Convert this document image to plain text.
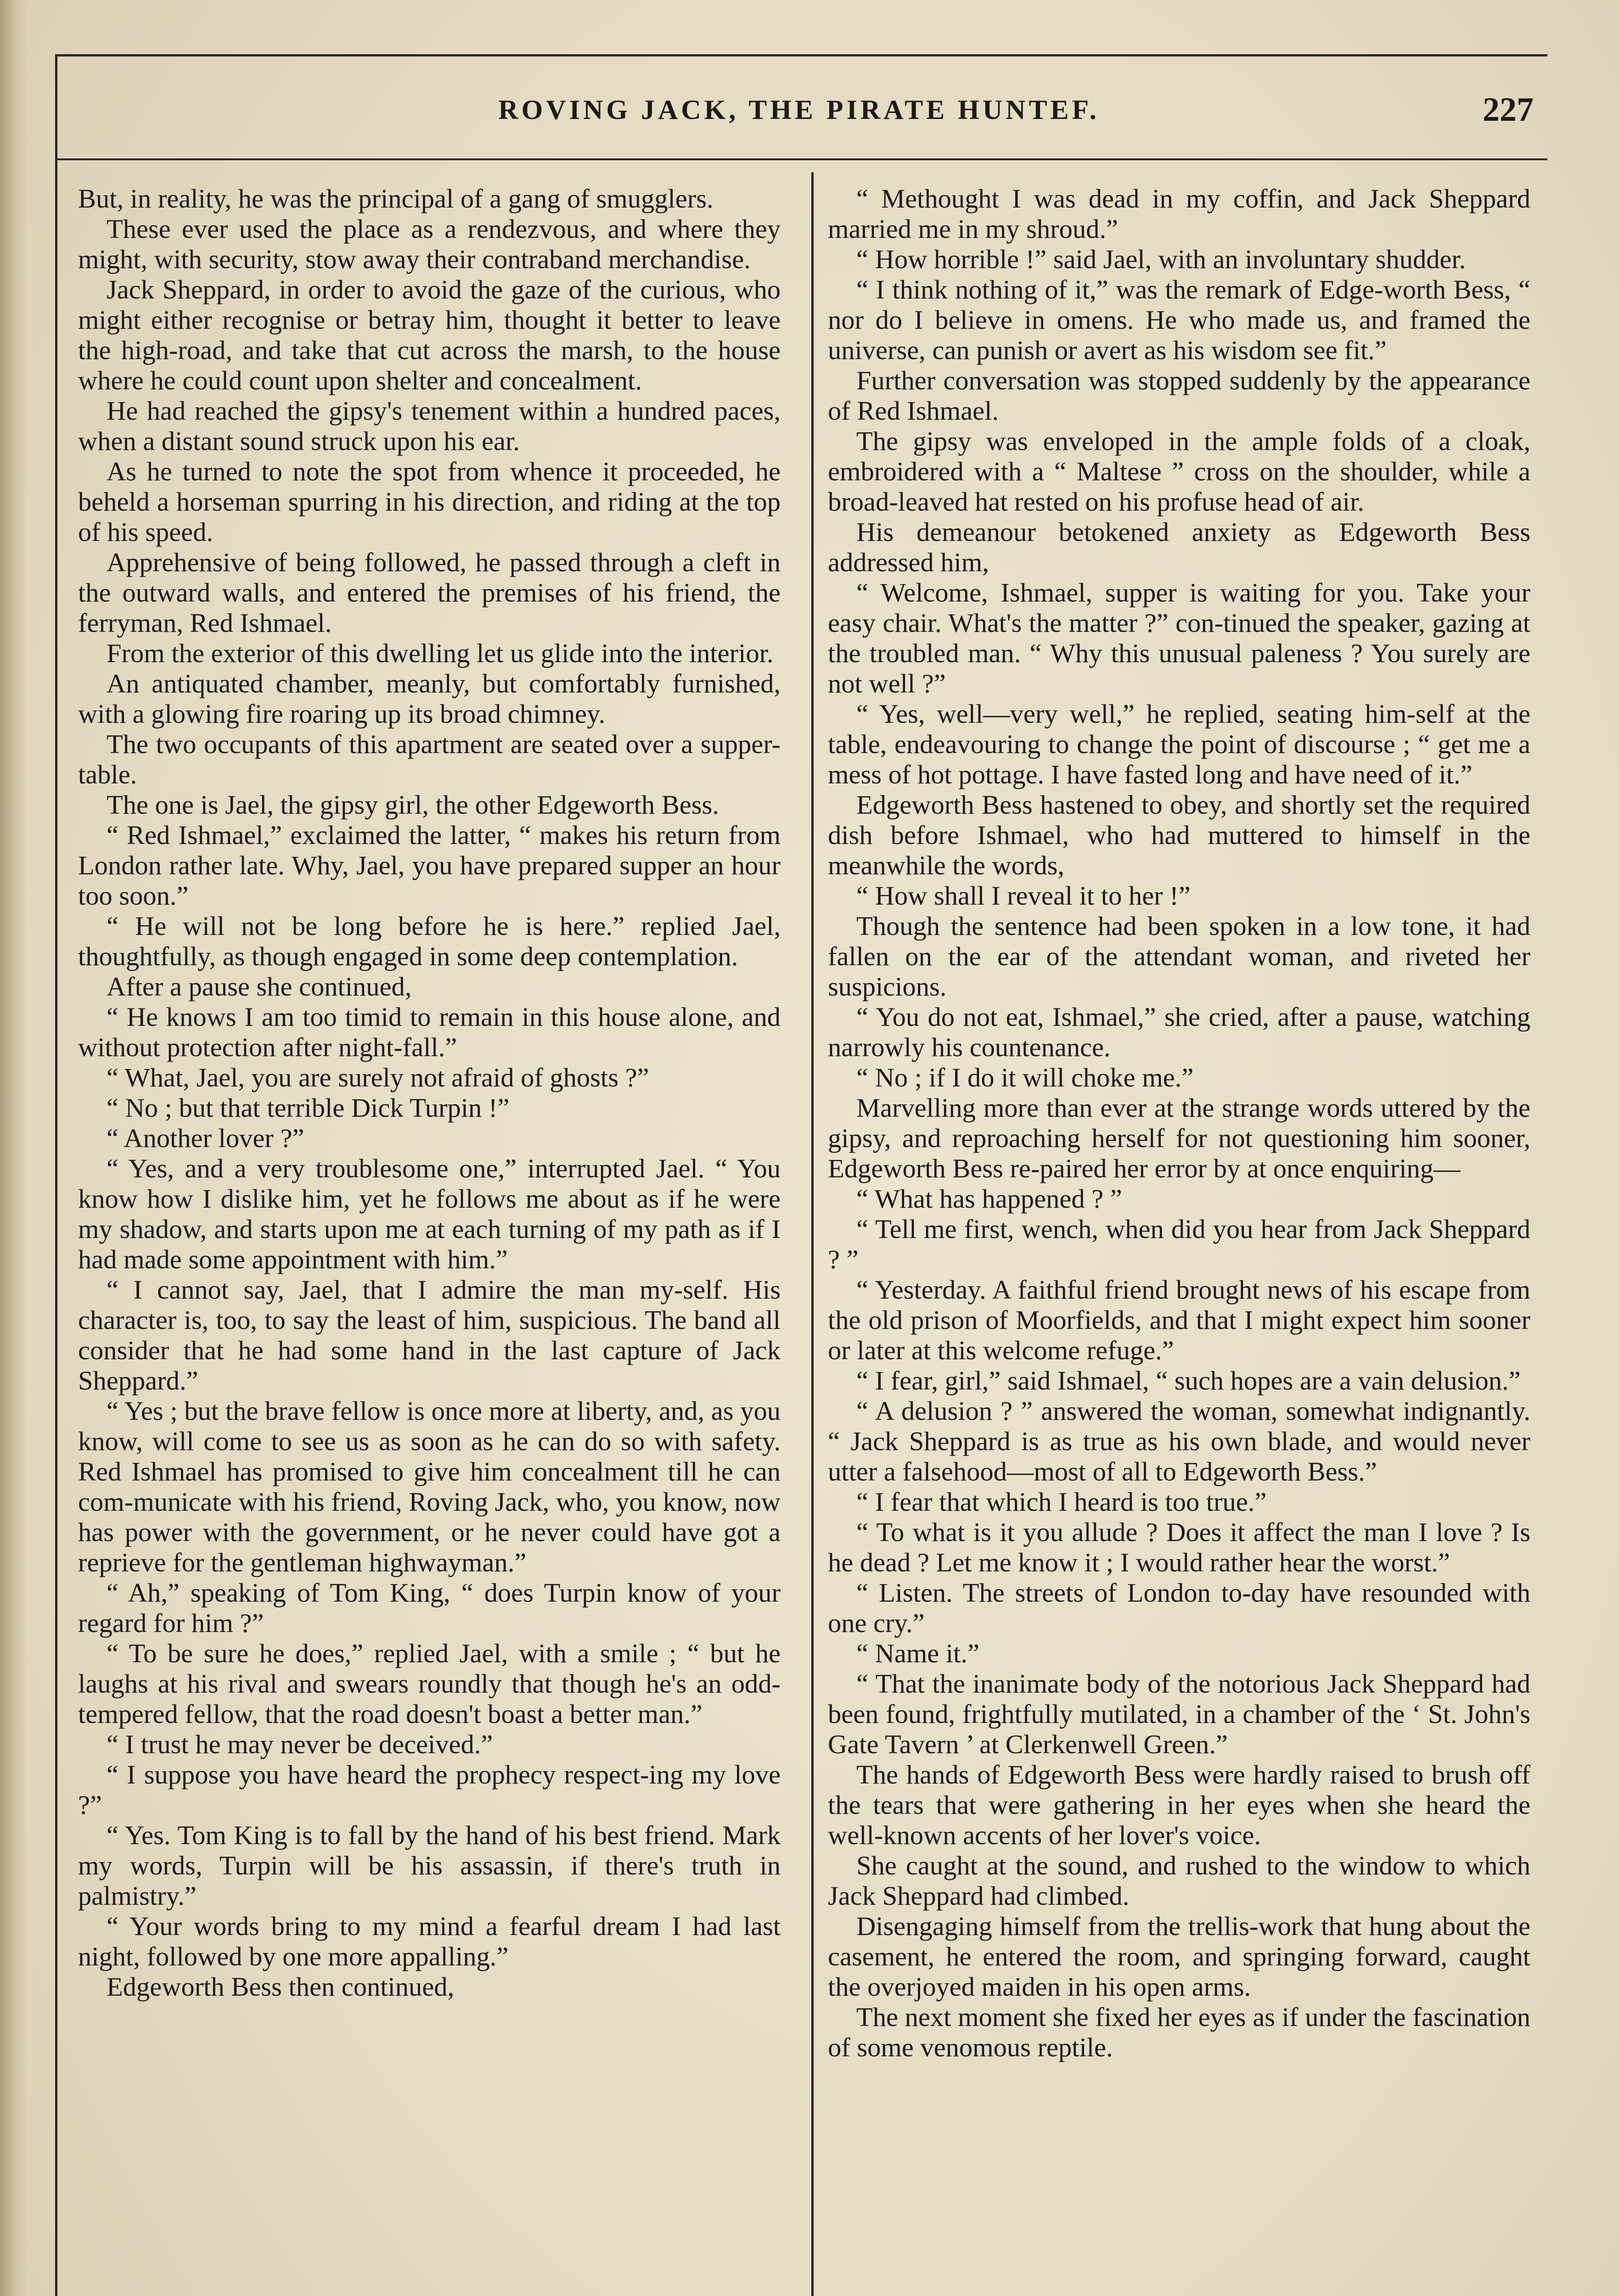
ROVING JACK, THE PIRATE HUNTEF.	227

But, in reality, he was the principal of a gang of smugglers.

These ever used the place as a rendezvous, and where they might, with security, stow away their contraband merchandise.

Jack Sheppard, in order to avoid the gaze of the curious, who might either recognise or betray him, thought it better to leave the high-road, and take that cut across the marsh, to the house where he could count upon shelter and concealment.

He had reached the gipsy's tenement within a hundred paces, when a distant sound struck upon his ear.

As he turned to note the spot from whence it proceeded, he beheld a horseman spurring in his direction, and riding at the top of his speed.

Apprehensive of being followed, he passed through a cleft in the outward walls, and entered the premises of his friend, the ferryman, Red Ishmael.

From the exterior of this dwelling let us glide into the interior.

An antiquated chamber, meanly, but comfortably furnished, with a glowing fire roaring up its broad chimney.

The two occupants of this apartment are seated over a supper-table.

The one is Jael, the gipsy girl, the other Edgeworth Bess.

“ Red Ishmael,” exclaimed the latter, “ makes his return from London rather late. Why, Jael, you have prepared supper an hour too soon.”

“ He will not be long before he is here.” replied Jael, thoughtfully, as though engaged in some deep contemplation.

After a pause she continued,

“ He knows I am too timid to remain in this house alone, and without protection after night-fall.”

“ What, Jael, you are surely not afraid of ghosts ?”

“ No ; but that terrible Dick Turpin !”

“ Another lover ?”

“ Yes, and a very troublesome one,” interrupted Jael. “ You know how I dislike him, yet he follows me about as if he were my shadow, and starts upon me at each turning of my path as if I had made some appointment with him.”

“ I cannot say, Jael, that I admire the man my-self. His character is, too, to say the least of him, suspicious. The band all consider that he had some hand in the last capture of Jack Sheppard.”

“ Yes ; but the brave fellow is once more at liberty, and, as you know, will come to see us as soon as he can do so with safety. Red Ishmael has promised to give him concealment till he can com-municate with his friend, Roving Jack, who, you know, now has power with the government, or he never could have got a reprieve for the gentleman highwayman.”

“ Ah,” speaking of Tom King, “ does Turpin know of your regard for him ?”

“ To be sure he does,” replied Jael, with a smile ; “ but he laughs at his rival and swears roundly that though he's an odd-tempered fellow, that the road doesn't boast a better man.”

“ I trust he may never be deceived.”

“ I suppose you have heard the prophecy respect-ing my love ?”

“ Yes. Tom King is to fall by the hand of his best friend. Mark my words, Turpin will be his assassin, if there's truth in palmistry.”

“ Your words bring to my mind a fearful dream I had last night, followed by one more appalling.”

Edgeworth Bess then continued,

“ Methought I was dead in my coffin, and Jack Sheppard married me in my shroud.”

“ How horrible !” said Jael, with an involuntary shudder.

“ I think nothing of it,” was the remark of Edge-worth Bess, “ nor do I believe in omens. He who made us, and framed the universe, can punish or avert as his wisdom see fit.”

Further conversation was stopped suddenly by the appearance of Red Ishmael.

The gipsy was enveloped in the ample folds of a cloak, embroidered with a “ Maltese ” cross on the shoulder, while a broad-leaved hat rested on his profuse head of air.

His demeanour betokened anxiety as Edgeworth Bess addressed him,

“ Welcome, Ishmael, supper is waiting for you. Take your easy chair. What's the matter ?” con-tinued the speaker, gazing at the troubled man. “ Why this unusual paleness ? You surely are not well ?”

“ Yes, well—very well,” he replied, seating him-self at the table, endeavouring to change the point of discourse ; “ get me a mess of hot pottage. I have fasted long and have need of it.”

Edgeworth Bess hastened to obey, and shortly set the required dish before Ishmael, who had muttered to himself in the meanwhile the words,

“ How shall I reveal it to her !”

Though the sentence had been spoken in a low tone, it had fallen on the ear of the attendant woman, and riveted her suspicions.

“ You do not eat, Ishmael,” she cried, after a pause, watching narrowly his countenance.

“ No ; if I do it will choke me.”

Marvelling more than ever at the strange words uttered by the gipsy, and reproaching herself for not questioning him sooner, Edgeworth Bess re-paired her error by at once enquiring—

“ What has happened ? ”

“ Tell me first, wench, when did you hear from Jack Sheppard ? ”

“ Yesterday. A faithful friend brought news of his escape from the old prison of Moorfields, and that I might expect him sooner or later at this welcome refuge.”

“ I fear, girl,” said Ishmael, “ such hopes are a vain delusion.”

“ A delusion ? ” answered the woman, somewhat indignantly. “ Jack Sheppard is as true as his own blade, and would never utter a falsehood—most of all to Edgeworth Bess.”

“ I fear that which I heard is too true.”

“ To what is it you allude ? Does it affect the man I love ? Is he dead ? Let me know it ; I would rather hear the worst.”

“ Listen. The streets of London to-day have resounded with one cry.”

“ Name it.”

“ That the inanimate body of the notorious Jack Sheppard had been found, frightfully mutilated, in a chamber of the ‘ St. John's Gate Tavern ’ at Clerkenwell Green.”

The hands of Edgeworth Bess were hardly raised to brush off the tears that were gathering in her eyes when she heard the well-known accents of her lover's voice.

She caught at the sound, and rushed to the window to which Jack Sheppard had climbed.

Disengaging himself from the trellis-work that hung about the casement, he entered the room, and springing forward, caught the overjoyed maiden in his open arms.

The next moment she fixed her eyes as if under the fascination of some venomous reptile.
